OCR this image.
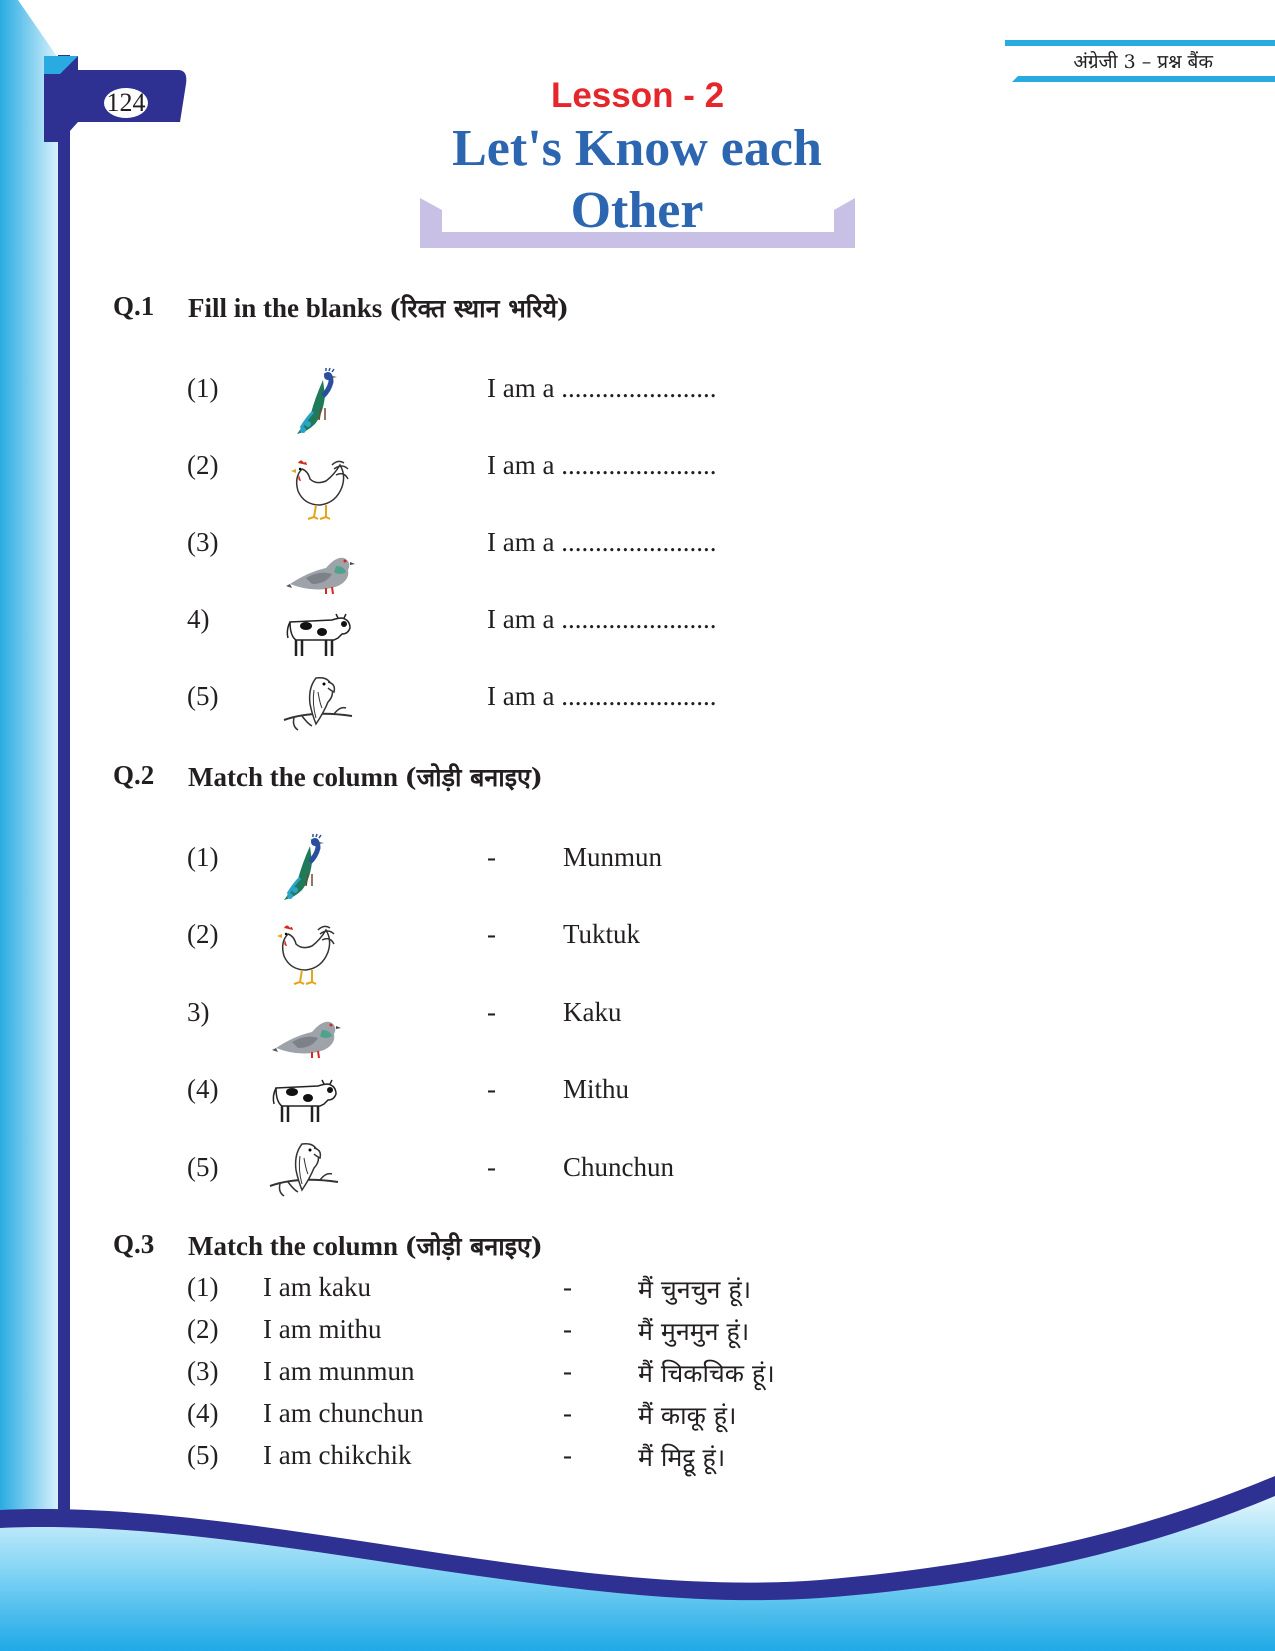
124
अंग्रेजी 3 – प्रश्न बैंक
Lesson - 2
Let's Know each Other
Q.1 Fill in the blanks (रिक्त स्थान भरिये)
(1)	I am a .......................
(2)	I am a .......................
(3)	I am a .......................
4)	I am a .......................
(5)	I am a .......................
Q.2 Match the column (जोड़ी बनाइए)
(1)	- Munmun
(2)	- Tuktuk
3)	- Kaku
(4)	- Mithu
(5)	- Chunchun
Q.3 Match the column (जोड़ी बनाइए)
(1) I am kaku	-	मैं चुनचुन हूं।
(2) I am mithu	-	मैं मुनमुन हूं।
(3) I am munmun	-	मैं चिकचिक हूं।
(4) I am chunchun	-	मैं काकू हूं।
(5) I am chikchik	-	मैं मिट्ठू हूं।
